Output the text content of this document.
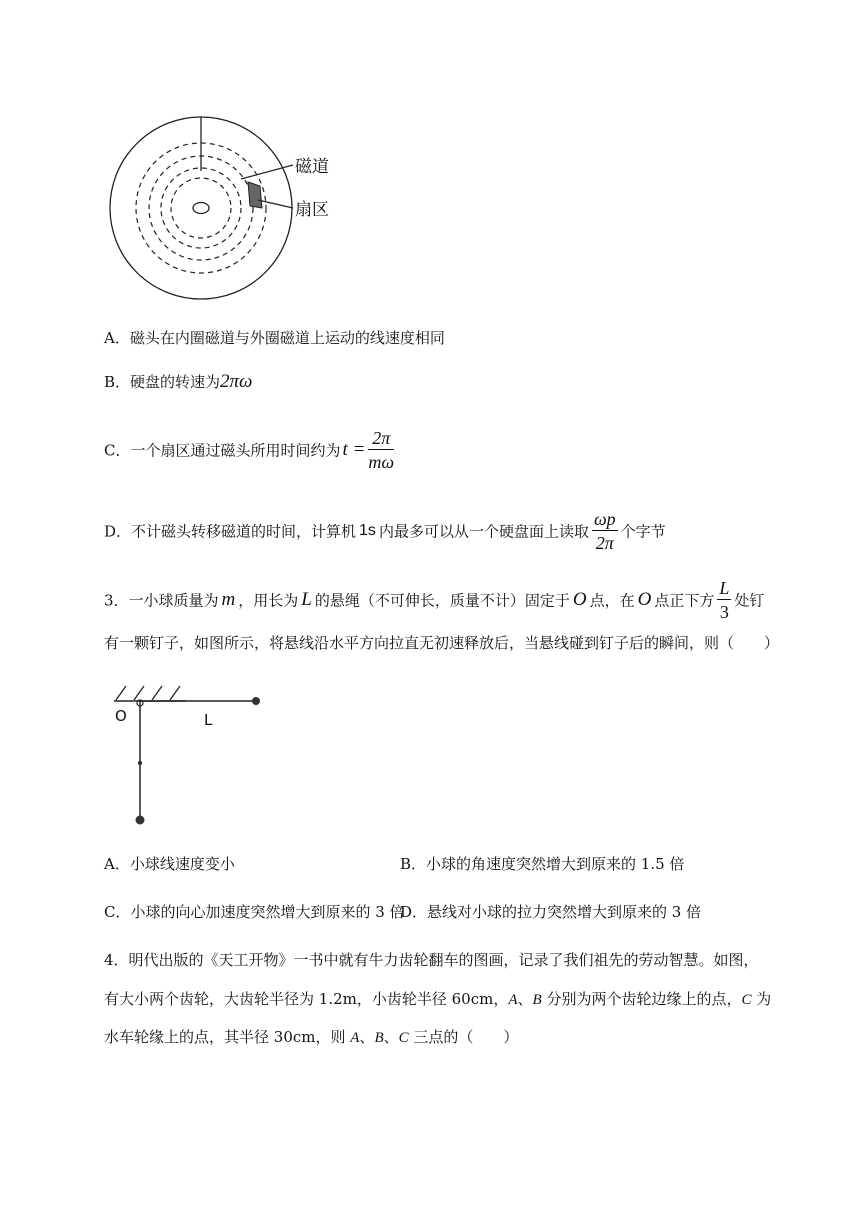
磁道
扇区
A．磁头在内圈磁道与外圈磁道上运动的线速度相同
B．硬盘的转速为2πω
C．一个扇区通过磁头所用时间约为 $t = \frac{2\pi}{m\omega}$
D．不计磁头转移磁道的时间，计算机 1s 内最多可以从一个硬盘面上读取 $\frac{\omega p}{2\pi}$ 个字节
3．一小球质量为 m ，用长为 L 的悬绳（不可伸长，质量不计）固定于 O 点，在 O 点正下方 $\frac{L}{3}$ 处钉
有一颗钉子，如图所示，将悬线沿水平方向拉直无初速释放后，当悬线碰到钉子后的瞬间，则（　　）
O	L
A．小球线速度变小	B．小球的角速度突然增大到原来的 1.5 倍
C．小球的向心加速度突然增大到原来的 3 倍
D．悬线对小球的拉力突然增大到原来的 3 倍
4．明代出版的《天工开物》一书中就有牛力齿轮翻车的图画，记录了我们祖先的劳动智慧。如图，
有大小两个齿轮，大齿轮半径为 1.2m，小齿轮半径 60cm，A、B 分别为两个齿轮边缘上的点，C 为
水车轮缘上的点，其半径 30cm，则 A、B、C 三点的（　　）
